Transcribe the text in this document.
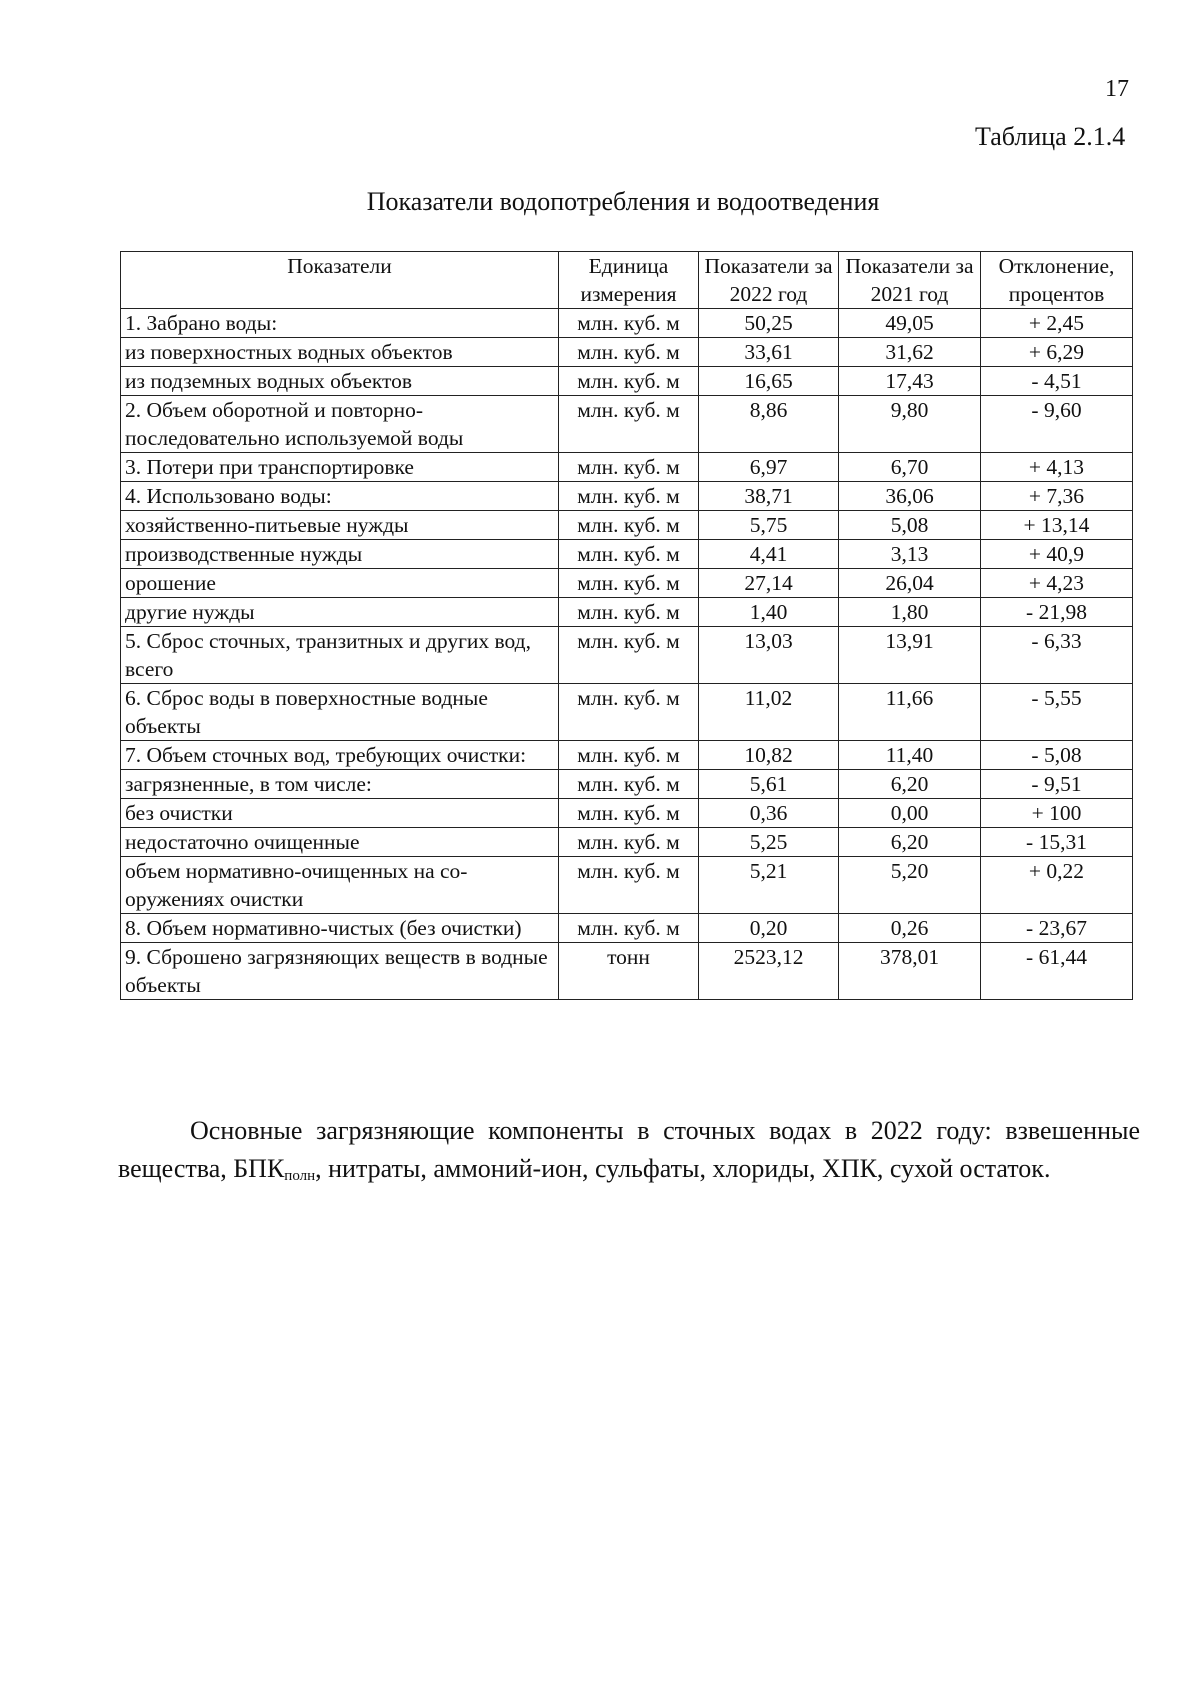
17
Таблица 2.1.4
Показатели водопотребления и водоотведения
Показатели	Единица измерения	Показатели за 2022 год	Показатели за 2021 год	Отклонение, процентов
1. Забрано воды:	млн. куб. м	50,25	49,05	+ 2,45
из поверхностных водных объектов	млн. куб. м	33,61	31,62	+ 6,29
из подземных водных объектов	млн. куб. м	16,65	17,43	- 4,51
2. Объем оборотной и повторно-последовательно используемой воды	млн. куб. м	8,86	9,80	- 9,60
3. Потери при транспортировке	млн. куб. м	6,97	6,70	+ 4,13
4. Использовано воды:	млн. куб. м	38,71	36,06	+ 7,36
хозяйственно-питьевые нужды	млн. куб. м	5,75	5,08	+ 13,14
производственные нужды	млн. куб. м	4,41	3,13	+ 40,9
орошение	млн. куб. м	27,14	26,04	+ 4,23
другие нужды	млн. куб. м	1,40	1,80	- 21,98
5. Сброс сточных, транзитных и других вод, всего	млн. куб. м	13,03	13,91	- 6,33
6. Сброс воды в поверхностные водные объекты	млн. куб. м	11,02	11,66	- 5,55
7. Объем сточных вод, требующих очистки:	млн. куб. м	10,82	11,40	- 5,08
загрязненные, в том числе:	млн. куб. м	5,61	6,20	- 9,51
без очистки	млн. куб. м	0,36	0,00	+ 100
недостаточно очищенные	млн. куб. м	5,25	6,20	- 15,31
объем нормативно-очищенных на со-оружениях очистки	млн. куб. м	5,21	5,20	+ 0,22
8. Объем нормативно-чистых (без очистки)	млн. куб. м	0,20	0,26	- 23,67
9. Сброшено загрязняющих веществ в водные объекты	тонн	2523,12	378,01	- 61,44

Основные загрязняющие компоненты в сточных водах в 2022 году: взвешенные вещества, $БПК_{полн}$, нитраты, аммоний-ион, сульфаты, хлориды, ХПК, сухой остаток.
